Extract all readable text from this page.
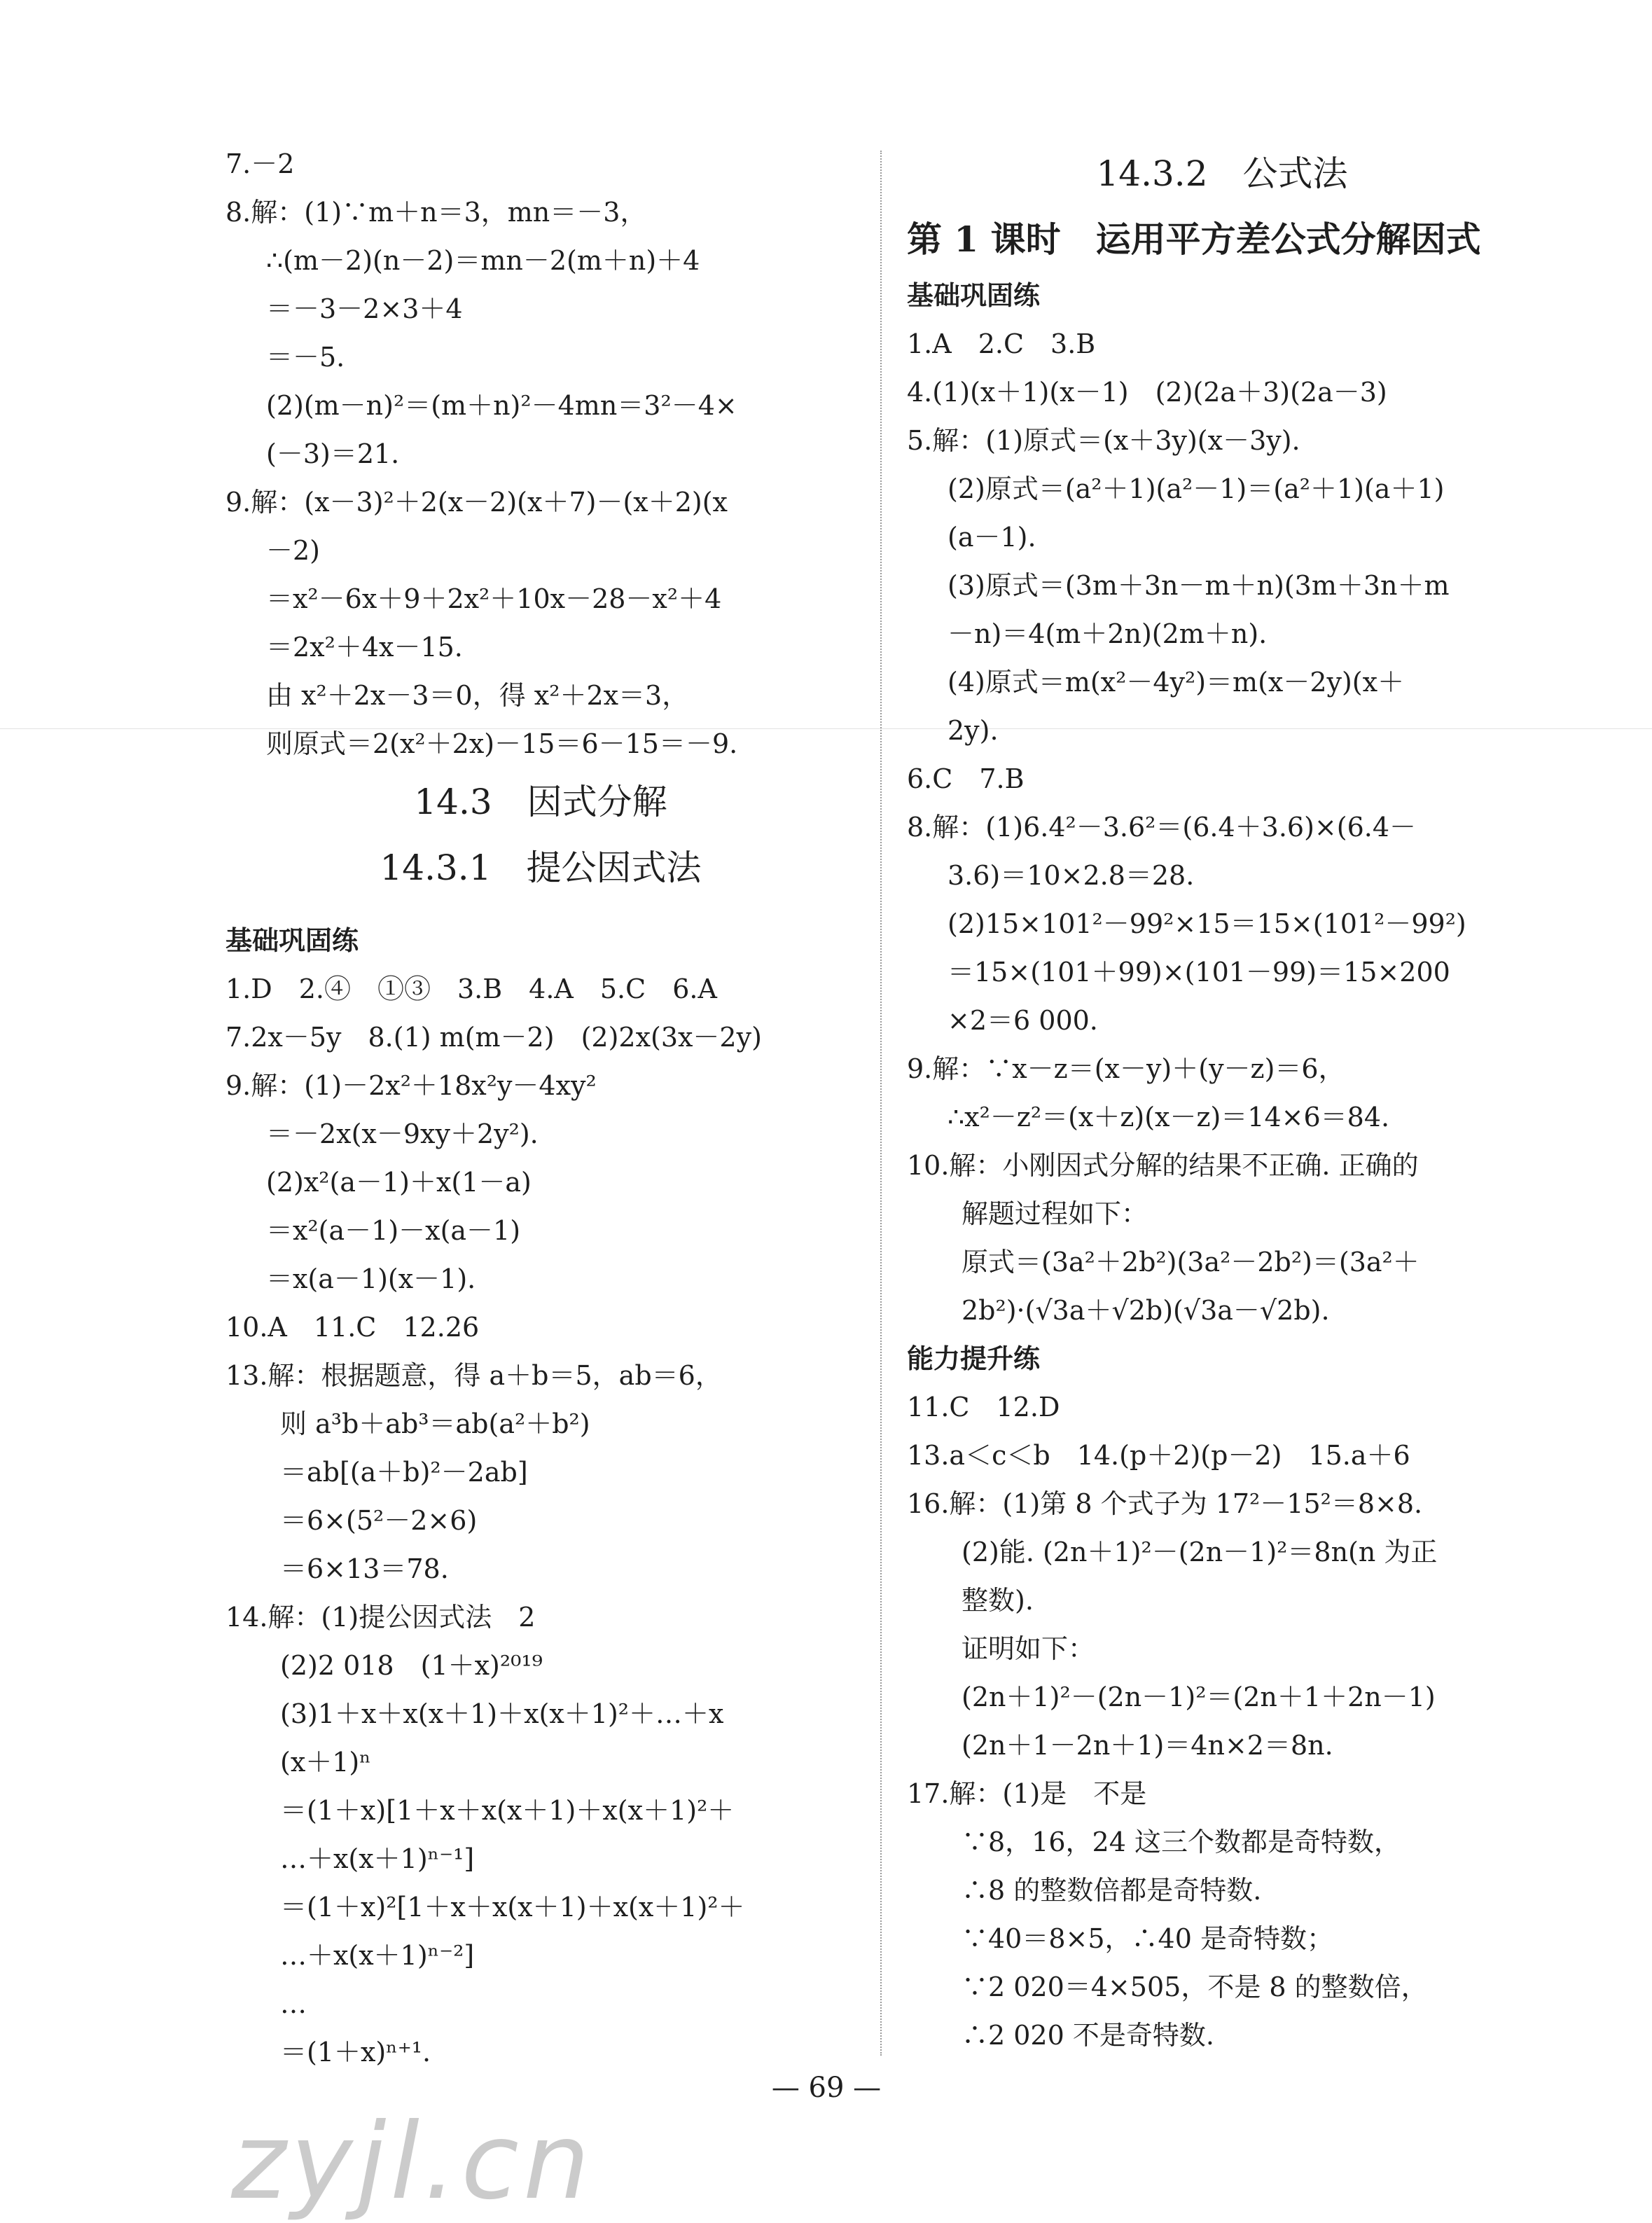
7.－2
8.解：(1)∵m＋n＝3，mn＝－3，
∴(m－2)(n－2)＝mn－2(m＋n)＋4
＝－3－2×3＋4
＝－5.
(2)(m－n)²＝(m＋n)²－4mn＝3²－4×
(－3)＝21.
9.解：(x－3)²＋2(x－2)(x＋7)－(x＋2)(x
－2)
＝x²－6x＋9＋2x²＋10x－28－x²＋4
＝2x²＋4x－15.
由 x²＋2x－3＝0，得 x²＋2x＝3，
则原式＝2(x²＋2x)－15＝6－15＝－9.
14.3　因式分解
14.3.1　提公因式法
基础巩固练
1.D　2.④　①③　3.B　4.A　5.C　6.A
7.2x－5y　8.(1) m(m－2)　(2)2x(3x－2y)
9.解：(1)－2x²＋18x²y－4xy²
＝－2x(x－9xy＋2y²).
(2)x²(a－1)＋x(1－a)
＝x²(a－1)－x(a－1)
＝x(a－1)(x－1).
10.A　11.C　12.26
13.解：根据题意，得 a＋b＝5，ab＝6，
则 a³b＋ab³＝ab(a²＋b²)
＝ab[(a＋b)²－2ab]
＝6×(5²－2×6)
＝6×13＝78.
14.解：(1)提公因式法　2
(2)2 018　(1＋x)²⁰¹⁹
(3)1＋x＋x(x＋1)＋x(x＋1)²＋…＋x
(x＋1)ⁿ
＝(1＋x)[1＋x＋x(x＋1)＋x(x＋1)²＋
…＋x(x＋1)ⁿ⁻¹]
＝(1＋x)²[1＋x＋x(x＋1)＋x(x＋1)²＋
…＋x(x＋1)ⁿ⁻²]
…
＝(1＋x)ⁿ⁺¹.
14.3.2　公式法
第 1 课时　运用平方差公式分解因式
基础巩固练
1.A　2.C　3.B
4.(1)(x＋1)(x－1)　(2)(2a＋3)(2a－3)
5.解：(1)原式＝(x＋3y)(x－3y).
(2)原式＝(a²＋1)(a²－1)＝(a²＋1)(a＋1)
(a－1).
(3)原式＝(3m＋3n－m＋n)(3m＋3n＋m
－n)＝4(m＋2n)(2m＋n).
(4)原式＝m(x²－4y²)＝m(x－2y)(x＋
2y).
6.C　7.B
8.解：(1)6.4²－3.6²＝(6.4＋3.6)×(6.4－
3.6)＝10×2.8＝28.
(2)15×101²－99²×15＝15×(101²－99²)
＝15×(101＋99)×(101－99)＝15×200
×2＝6 000.
9.解：∵x－z＝(x－y)＋(y－z)＝6，
∴x²－z²＝(x＋z)(x－z)＝14×6＝84.
10.解：小刚因式分解的结果不正确. 正确的
解题过程如下：
原式＝(3a²＋2b²)(3a²－2b²)＝(3a²＋
2b²)·(√3a＋√2b)(√3a－√2b).
能力提升练
11.C　12.D
13.a＜c＜b　14.(p＋2)(p－2)　15.a＋6
16.解：(1)第 8 个式子为 17²－15²＝8×8.
(2)能. (2n＋1)²－(2n－1)²＝8n(n 为正
整数).
证明如下：
(2n＋1)²－(2n－1)²＝(2n＋1＋2n－1)
(2n＋1－2n＋1)＝4n×2＝8n.
17.解：(1)是　不是
∵8，16，24 这三个数都是奇特数，
∴8 的整数倍都是奇特数.
∵40＝8×5，∴40 是奇特数；
∵2 020＝4×505，不是 8 的整数倍，
∴2 020 不是奇特数.
— 69 —
zyjl.cn
